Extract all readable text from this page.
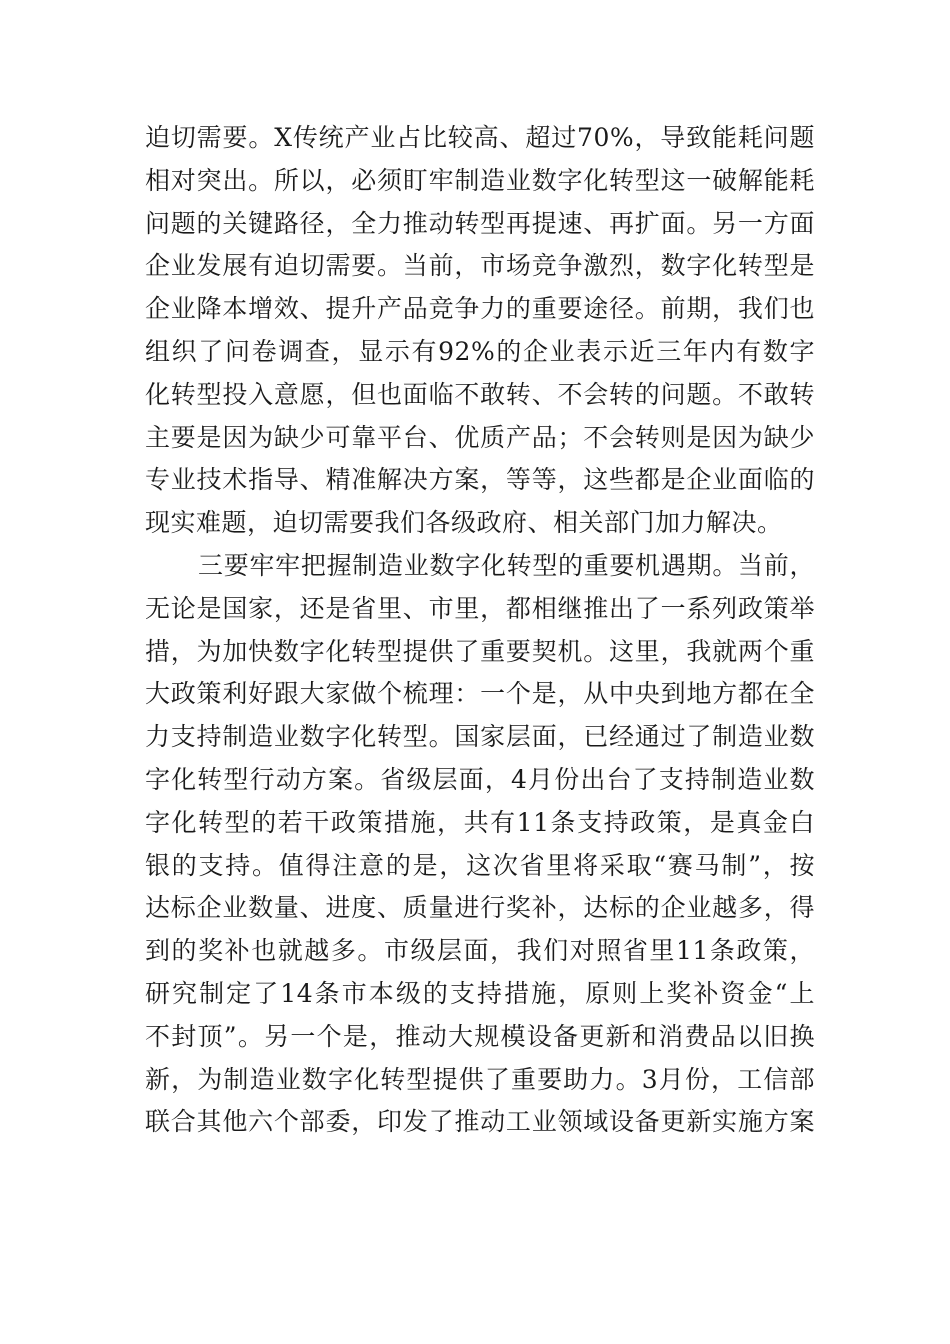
迫切需要。X传统产业占比较高、超过70%，导致能耗问题
相对突出。所以，必须盯牢制造业数字化转型这一破解能耗
问题的关键路径，全力推动转型再提速、再扩面。另一方面
企业发展有迫切需要。当前，市场竞争激烈，数字化转型是
企业降本增效、提升产品竞争力的重要途径。前期，我们也
组织了问卷调查，显示有92%的企业表示近三年内有数字
化转型投入意愿，但也面临不敢转、不会转的问题。不敢转
主要是因为缺少可靠平台、优质产品；不会转则是因为缺少
专业技术指导、精准解决方案，等等，这些都是企业面临的
现实难题，迫切需要我们各级政府、相关部门加力解决。
三要牢牢把握制造业数字化转型的重要机遇期。当前，
无论是国家，还是省里、市里，都相继推出了一系列政策举
措，为加快数字化转型提供了重要契机。这里，我就两个重
大政策利好跟大家做个梳理：一个是，从中央到地方都在全
力支持制造业数字化转型。国家层面，已经通过了制造业数
字化转型行动方案。省级层面，4月份出台了支持制造业数
字化转型的若干政策措施，共有11条支持政策，是真金白
银的支持。值得注意的是，这次省里将采取“赛马制”，按
达标企业数量、进度、质量进行奖补，达标的企业越多，得
到的奖补也就越多。市级层面，我们对照省里11条政策，
研究制定了14条市本级的支持措施，原则上奖补资金“上
不封顶”。另一个是，推动大规模设备更新和消费品以旧换
新，为制造业数字化转型提供了重要助力。3月份，工信部
联合其他六个部委，印发了推动工业领域设备更新实施方案
